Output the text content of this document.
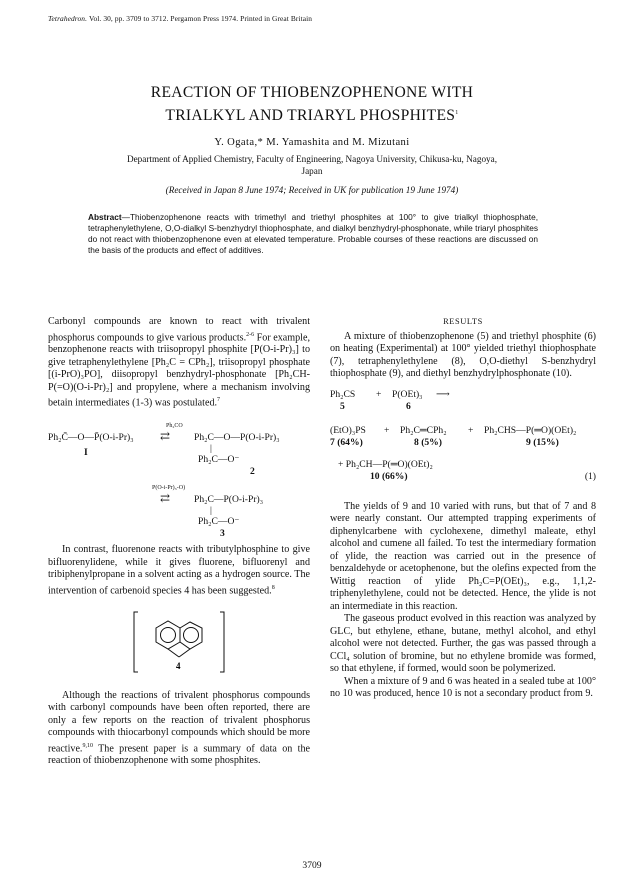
Tetrahedron. Vol. 30, pp. 3709 to 3712. Pergamon Press 1974. Printed in Great Britain
REACTION OF THIOBENZOPHENONE WITH
TRIALKYL AND TRIARYL PHOSPHITES$^1$
Y. Ogata,* M. Yamashita and M. Mizutani
Department of Applied Chemistry, Faculty of Engineering, Nagoya University, Chikusa-ku, Nagoya,
Japan
(Received in Japan 8 June 1974; Received in UK for publication 19 June 1974)
Abstract—Thiobenzophenone reacts with trimethyl and triethyl phosphites at 100° to give trialkyl thiophosphate, tetraphenylethylene, O,O-dialkyl S-benzhydryl thiophosphate, and dialkyl benzhydryl-phosphonate, while triaryl phosphites do not react with thiobenzophenone even at elevated temperature. Probable courses of these reactions are discussed on the basis of the products and effect of additives.

Carbonyl compounds are known to react with trivalent phosphorus compounds to give various products.$^{2-6}$ For example, benzophenone reacts with triisopropyl phosphite [P(O-i-Pr)₃] to give tetraphenylethylene [Ph₂C = CPh₂], triisopropyl phosphate [(i-PrO)₃PO], diisopropyl benzhydryl-phosphonate [Ph₂CH-P(=O)(O-i-Pr)₂] and propylene, where a mechanism involving betain intermediates (1-3) was postulated.$^7$

Ph₂C̄—O—P̄(O-i-Pr)₃
Ph₂CO
⇄ Ph₂C—O—P(O-i-Pr)₃
|
Ph₂C—O⁻
I
2
P(O-i-Pr)₃-O)
⇄ Ph₂C—P(O-i-Pr)₃
|
Ph₂C—O⁻
3

In contrast, fluorenone reacts with tributylphosphine to give bifluorenylidene, while it gives fluorene, bifluorenyl and tribiphenylpropane in a solvent acting as a hydrogen source. The intervention of carbenoid species 4 has been suggested.$^8$

4

Although the reactions of trivalent phosphorus compounds with carbonyl compounds have been often reported, there are only a few reports on the reaction of trivalent phosphorus compounds with thiocarbonyl compounds which should be more reactive.$^{9,10}$ The present paper is a summary of data on the reaction of thiobenzophenone with some phosphites.

RESULTS

A mixture of thiobenzophenone (5) and triethyl phosphite (6) on heating (Experimental) at 100° yielded triethyl thiophosphate (7), tetraphenylethylene (8), O,O-diethyl S-benzhydryl thiophosphate (9), and diethyl benzhydrylphosphonate (10).

Ph₂CS + P(OEt)₃ ⟶
5	6
(EtO)₃PS + Ph₂C═CPh₂ + Ph₂CHS—P(═O)(OEt)₂
7 (64%)	8 (5%)	9 (15%)
+ Ph₂CH—P(═O)(OEt)₂
10 (66%)	(1)

The yields of 9 and 10 varied with runs, but that of 7 and 8 were nearly constant. Our attempted trapping experiments of diphenylcarbene with cyclohexene, dimethyl maleate, ethyl alcohol and cumene all failed. To test the intermediary formation of ylide, the reaction was carried out in the presence of benzaldehyde or acetophenone, but the olefins expected from the Wittig reaction of ylide Ph₂C=P(OEt)₃, e.g., 1,1,2-triphenylethylene, could not be detected. Hence, the ylide is not an intermediate in this reaction.

The gaseous product evolved in this reaction was analyzed by GLC, but ethylene, ethane, butane, methyl alcohol, and ethyl alcohol were not detected. Further, the gas was passed through a CCl₄ solution of bromine, but no ethylene bromide was formed, so that ethylene, if formed, would soon be polymerized.

When a mixture of 9 and 6 was heated in a sealed tube at 100° no 10 was produced, hence 10 is not a secondary product from 9.

3709
